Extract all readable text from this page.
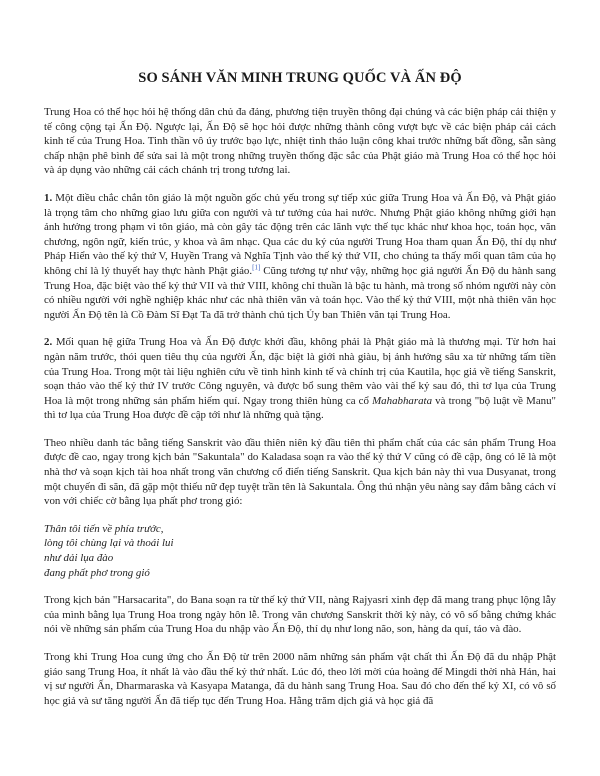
SO SÁNH VĂN MINH TRUNG QUỐC VÀ ẤN ĐỘ

Trung Hoa có thể học hỏi hệ thống dân chủ đa đảng, phương tiện truyền thông đại chúng và các biện pháp cải thiện y tế công cộng tại Ấn Độ. Ngược lại, Ấn Độ sẽ học hỏi được những thành công vượt bực về các biện pháp cải cách kinh tế của Trung Hoa. Tinh thần vô úy trước bạo lực, nhiệt tình thảo luận công khai trước những bất đồng, sẵn sàng chấp nhận phê bình để sửa sai là một trong những truyền thống đặc sắc của Phật giáo mà Trung Hoa có thể học hỏi và áp dụng vào những cải cách chánh trị trong tương lai.

1. Một điều chắc chắn tôn giáo là một nguồn gốc chủ yếu trong sự tiếp xúc giữa Trung Hoa và Ấn Độ, và Phật giáo là trọng tâm cho những giao lưu giữa con người và tư tưởng của hai nước. Nhưng Phật giáo không những giới hạn ảnh hưởng trong phạm vi tôn giáo, mà còn gây tác động trên các lãnh vực thế tục khác như khoa học, toán học, văn chương, ngôn ngữ, kiến trúc, y khoa và âm nhạc. Qua các du ký của người Trung Hoa tham quan Ấn Độ, thí dụ như Pháp Hiển vào thế kỷ thứ V, Huyền Trang và Nghĩa Tịnh vào thế kỷ thứ VII, cho chúng ta thấy mối quan tâm của họ không chỉ là lý thuyết hay thực hành Phật giáo.[1] Cũng tương tự như vậy, những học giả người Ấn Độ du hành sang Trung Hoa, đặc biệt vào thế kỷ thứ VII và thứ VIII, không chỉ thuần là bậc tu hành, mà trong số nhóm người này còn có nhiều người với nghề nghiệp khác như các nhà thiên văn và toán học. Vào thế kỷ thứ VIII, một nhà thiên văn học người Ấn Độ tên là Cồ Đàm Sĩ Đạt Ta đã trở thành chủ tịch Ủy ban Thiên văn tại Trung Hoa.

2. Mối quan hệ giữa Trung Hoa và Ấn Độ được khởi đầu, không phải là Phật giáo mà là thương mại. Từ hơn hai ngàn năm trước, thói quen tiêu thụ của người Ấn, đặc biệt là giới nhà giàu, bị ảnh hưởng sâu xa từ những tấm tiền của Trung Hoa. Trong một tài liệu nghiên cứu về tình hình kinh tế và chính trị của Kautila, học giả về tiếng Sanskrit, soạn thảo vào thế kỷ thứ IV trước Công nguyên, và được bổ sung thêm vào vài thế kỷ sau đó, thì tơ lụa của Trung Hoa là một trong những sản phẩm hiếm quí. Ngay trong thiên hùng ca cổ Mahabharata và trong "bộ luật về Manu" thì tơ lụa của Trung Hoa được đề cập tới như là những quà tặng.

Theo nhiều danh tác bằng tiếng Sanskrit vào đầu thiên niên kỷ đầu tiên thì phẩm chất của các sản phẩm Trung Hoa được đề cao, ngay trong kịch bản "Sakuntala" do Kaladasa soạn ra vào thế kỷ thứ V cũng có đề cập, ông có lẽ là một nhà thơ và soạn kịch tài hoa nhất trong văn chương cổ điển tiếng Sanskrit. Qua kịch bản này thì vua Dusyanat, trong một chuyến đi săn, đã gặp một thiếu nữ đẹp tuyệt trần tên là Sakuntala. Ông thú nhận yêu nàng say đắm bằng cách ví von với chiếc cờ bằng lụa phất phơ trong gió:

Thân tôi tiến về phía trước,
lòng tôi chùng lại và thoái lui
như dải lụa đào
đang phất phơ trong gió

Trong kịch bản "Harsacarita", do Bana soạn ra từ thế kỷ thứ VII, nàng Rajyasri xinh đẹp đã mang trang phục lộng lẫy của mình bằng lụa Trung Hoa trong ngày hôn lễ. Trong văn chương Sanskrit thời kỳ này, có vô số bằng chứng khác nói về những sản phẩm của Trung Hoa du nhập vào Ấn Độ, thí dụ như long não, son, hàng da quí, táo và đào.

Trong khi Trung Hoa cung ứng cho Ấn Độ từ trên 2000 năm những sản phẩm vật chất thì Ấn Độ đã du nhập Phật giáo sang Trung Hoa, ít nhất là vào đầu thế kỷ thứ nhất. Lúc đó, theo lời mời của hoàng đế Mingdi thời nhà Hán, hai vị sư người Ấn, Dharmaraska và Kasyapa Matanga, đã du hành sang Trung Hoa. Sau đó cho đến thế kỷ XI, có vô số học giả và sư tăng người Ấn đã tiếp tục đến Trung Hoa. Hằng trăm dịch giả và học giả đã
